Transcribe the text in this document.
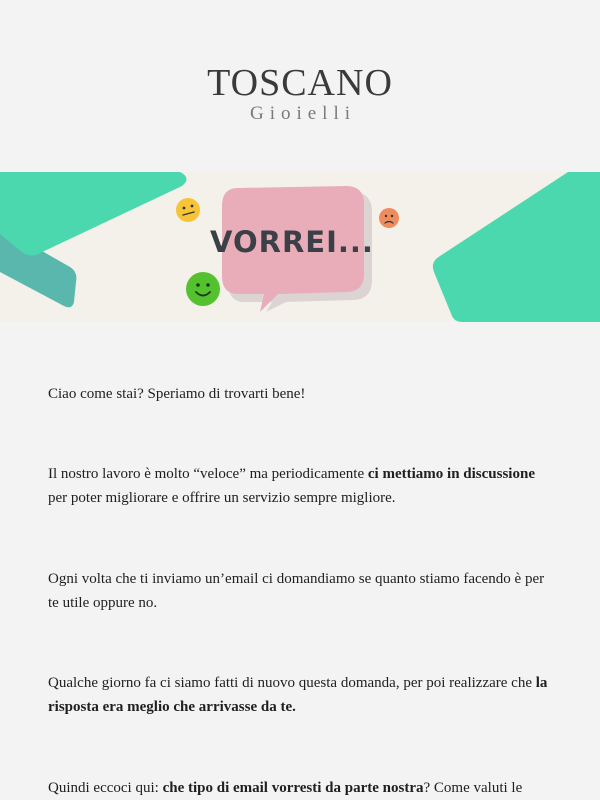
TOSCANO
Gioielli
VORREI...

Ciao come stai? Speriamo di trovarti bene!

Il nostro lavoro è molto “veloce” ma periodicamente ci mettiamo in discussione per poter migliorare e offrire un servizio sempre migliore.

Ogni volta che ti inviamo un’email ci domandiamo se quanto stiamo facendo è per te utile oppure no.

Qualche giorno fa ci siamo fatti di nuovo questa domanda, per poi realizzare che la risposta era meglio che arrivasse da te.

Quindi eccoci qui: che tipo di email vorresti da parte nostra? Come valuti le
